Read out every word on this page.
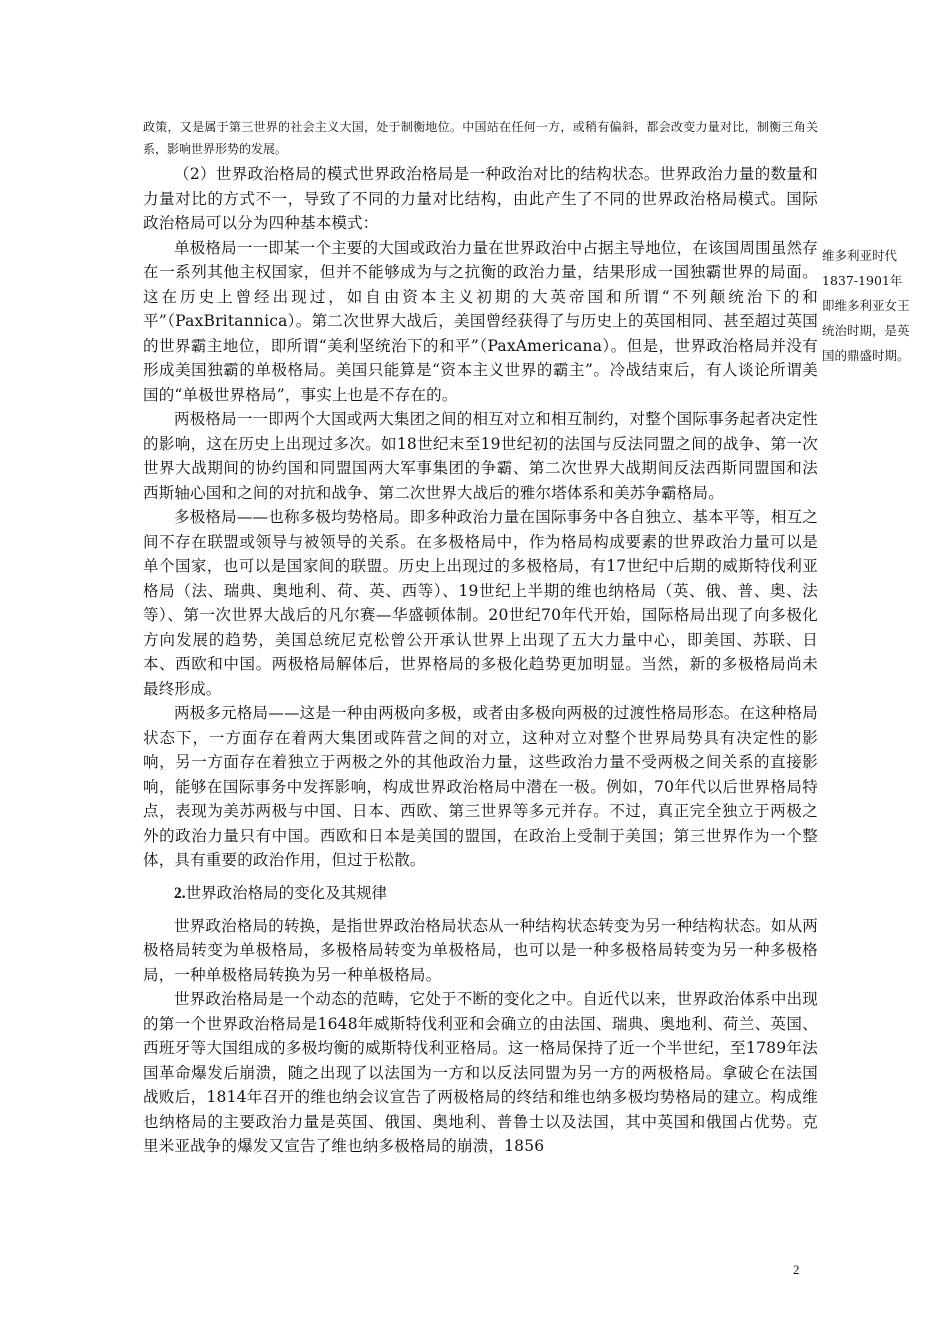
政策，又是属于第三世界的社会主义大国，处于制衡地位。中国站在任何一方，或稍有偏斜，都会改变力量对比，制衡三角关系，影响世界形势的发展。

（2）世界政治格局的模式世界政治格局是一种政治对比的结构状态。世界政治力量的数量和力量对比的方式不一，导致了不同的力量对比结构，由此产生了不同的世界政治格局模式。国际政治格局可以分为四种基本模式：

单极格局一一即某一个主要的大国或政治力量在世界政治中占据主导地位，在该国周围虽然存在一系列其他主权国家，但并不能够成为与之抗衡的政治力量，结果形成一国独霸世界的局面。这在历史上曾经出现过，如自由资本主义初期的大英帝国和所谓“不列颠统治下的和平”（PaxBritannica）。第二次世界大战后，美国曾经获得了与历史上的英国相同、甚至超过英国的世界霸主地位，即所谓“美利坚统治下的和平”（PaxAmericana）。但是，世界政治格局并没有形成美国独霸的单极格局。美国只能算是“资本主义世界的霸主”。冷战结束后，有人谈论所谓美国的“单极世界格局”，事实上也是不存在的。

两极格局一一即两个大国或两大集团之间的相互对立和相互制约，对整个国际事务起者决定性的影响，这在历史上出现过多次。如18世纪末至19世纪初的法国与反法同盟之间的战争、第一次世界大战期间的协约国和同盟国两大军事集团的争霸、第二次世界大战期间反法西斯同盟国和法西斯轴心国和之间的对抗和战争、第二次世界大战后的雅尔塔体系和美苏争霸格局。

多极格局——也称多极均势格局。即多种政治力量在国际事务中各自独立、基本平等，相互之间不存在联盟或领导与被领导的关系。在多极格局中，作为格局构成要素的世界政治力量可以是单个国家，也可以是国家间的联盟。历史上出现过的多极格局，有17世纪中后期的威斯特伐利亚格局（法、瑞典、奥地利、荷、英、西等）、19世纪上半期的维也纳格局（英、俄、普、奥、法等）、第一次世界大战后的凡尔赛—华盛顿体制。20世纪70年代开始，国际格局出现了向多极化方向发展的趋势，美国总统尼克松曾公开承认世界上出现了五大力量中心，即美国、苏联、日本、西欧和中国。两极格局解体后，世界格局的多极化趋势更加明显。当然，新的多极格局尚未最终形成。

两极多元格局——这是一种由两极向多极，或者由多极向两极的过渡性格局形态。在这种格局状态下，一方面存在着两大集团或阵营之间的对立，这种对立对整个世界局势具有决定性的影响，另一方面存在着独立于两极之外的其他政治力量，这些政治力量不受两极之间关系的直接影响，能够在国际事务中发挥影响，构成世界政治格局中潜在一极。例如，70年代以后世界格局特点，表现为美苏两极与中国、日本、西欧、第三世界等多元并存。不过，真正完全独立于两极之外的政治力量只有中国。西欧和日本是美国的盟国，在政治上受制于美国；第三世界作为一个整体，具有重要的政治作用，但过于松散。

2.世界政治格局的变化及其规律

世界政治格局的转换，是指世界政治格局状态从一种结构状态转变为另一种结构状态。如从两极格局转变为单极格局，多极格局转变为单极格局，也可以是一种多极格局转变为另一种多极格局，一种单极格局转换为另一种单极格局。

世界政治格局是一个动态的范畴，它处于不断的变化之中。自近代以来，世界政治体系中出现的第一个世界政治格局是1648年威斯特伐利亚和会确立的由法国、瑞典、奥地利、荷兰、英国、西班牙等大国组成的多极均衡的威斯特伐利亚格局。这一格局保持了近一个半世纪，至1789年法国革命爆发后崩溃，随之出现了以法国为一方和以反法同盟为另一方的两极格局。拿破仑在法国战败后，1814年召开的维也纳会议宣告了两极格局的终结和维也纳多极均势格局的建立。构成维也纳格局的主要政治力量是英国、俄国、奥地利、普鲁士以及法国，其中英国和俄国占优势。克里米亚战争的爆发又宣告了维也纳多极格局的崩溃，1856

维多利亚时代1837-1901年即维多利亚女王统治时期，是英国的鼎盛时期。

2
